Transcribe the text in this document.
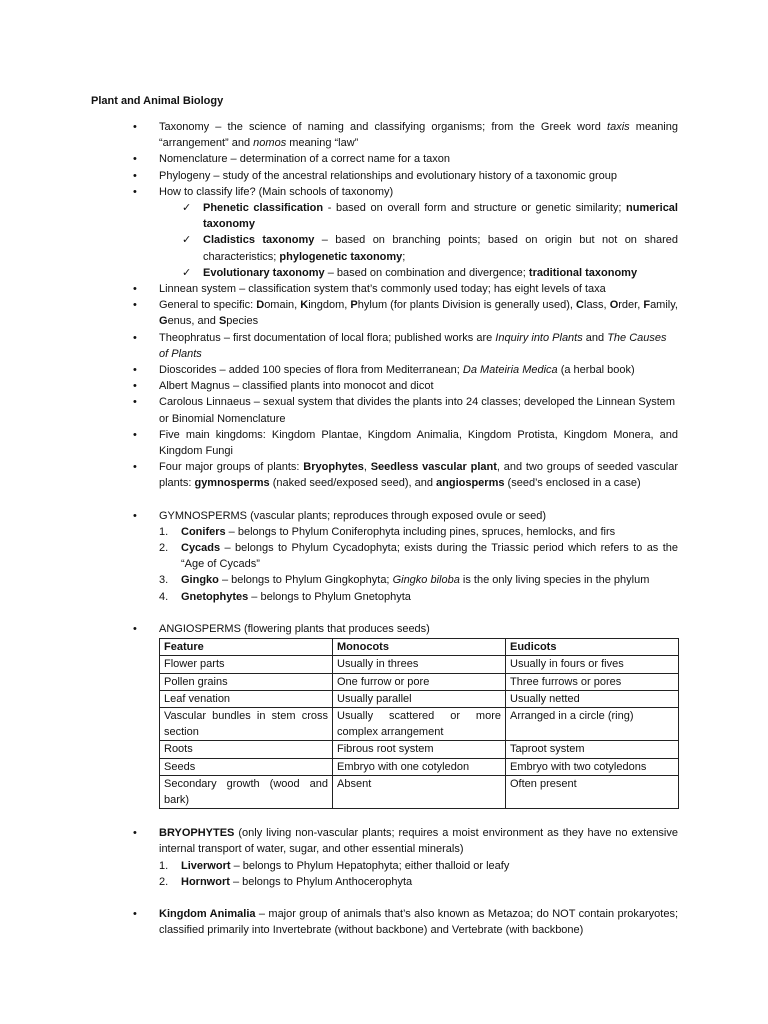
Plant and Animal Biology
• Taxonomy – the science of naming and classifying organisms; from the Greek word taxis meaning “arrangement” and nomos meaning “law”
• Nomenclature – determination of a correct name for a taxon
• Phylogeny – study of the ancestral relationships and evolutionary history of a taxonomic group
• How to classify life? (Main schools of taxonomy)
✓ Phenetic classification - based on overall form and structure or genetic similarity; numerical taxonomy
✓ Cladistics taxonomy – based on branching points; based on origin but not on shared characteristics; phylogenetic taxonomy;
✓ Evolutionary taxonomy – based on combination and divergence; traditional taxonomy
• Linnean system – classification system that’s commonly used today; has eight levels of taxa
• General to specific: Domain, Kingdom, Phylum (for plants Division is generally used), Class, Order, Family, Genus, and Species
• Theophratus – first documentation of local flora; published works are Inquiry into Plants and The Causes of Plants
• Dioscorides – added 100 species of flora from Mediterranean; Da Mateiria Medica (a herbal book)
• Albert Magnus – classified plants into monocot and dicot
• Carolous Linnaeus – sexual system that divides the plants into 24 classes; developed the Linnean System or Binomial Nomenclature
• Five main kingdoms: Kingdom Plantae, Kingdom Animalia, Kingdom Protista, Kingdom Monera, and Kingdom Fungi
• Four major groups of plants: Bryophytes, Seedless vascular plant, and two groups of seeded vascular plants: gymnosperms (naked seed/exposed seed), and angiosperms (seed’s enclosed in a case)
• GYMNOSPERMS (vascular plants; reproduces through exposed ovule or seed)
1. Conifers – belongs to Phylum Coniferophyta including pines, spruces, hemlocks, and firs
2. Cycads – belongs to Phylum Cycadophyta; exists during the Triassic period which refers to as the “Age of Cycads”
3. Gingko – belongs to Phylum Gingkophyta; Gingko biloba is the only living species in the phylum
4. Gnetophytes – belongs to Phylum Gnetophyta
• ANGIOSPERMS (flowering plants that produces seeds)
Feature	Monocots	Eudicots
Flower parts	Usually in threes	Usually in fours or fives
Pollen grains	One furrow or pore	Three furrows or pores
Leaf venation	Usually parallel	Usually netted
Vascular bundles in stem cross section	Usually scattered or more complex arrangement	Arranged in a circle (ring)
Roots	Fibrous root system	Taproot system
Seeds	Embryo with one cotyledon	Embryo with two cotyledons
Secondary growth (wood and bark)	Absent	Often present
• BRYOPHYTES (only living non-vascular plants; requires a moist environment as they have no extensive internal transport of water, sugar, and other essential minerals)
1. Liverwort – belongs to Phylum Hepatophyta; either thalloid or leafy
2. Hornwort – belongs to Phylum Anthocerophyta
• Kingdom Animalia – major group of animals that’s also known as Metazoa; do NOT contain prokaryotes; classified primarily into Invertebrate (without backbone) and Vertebrate (with backbone)
